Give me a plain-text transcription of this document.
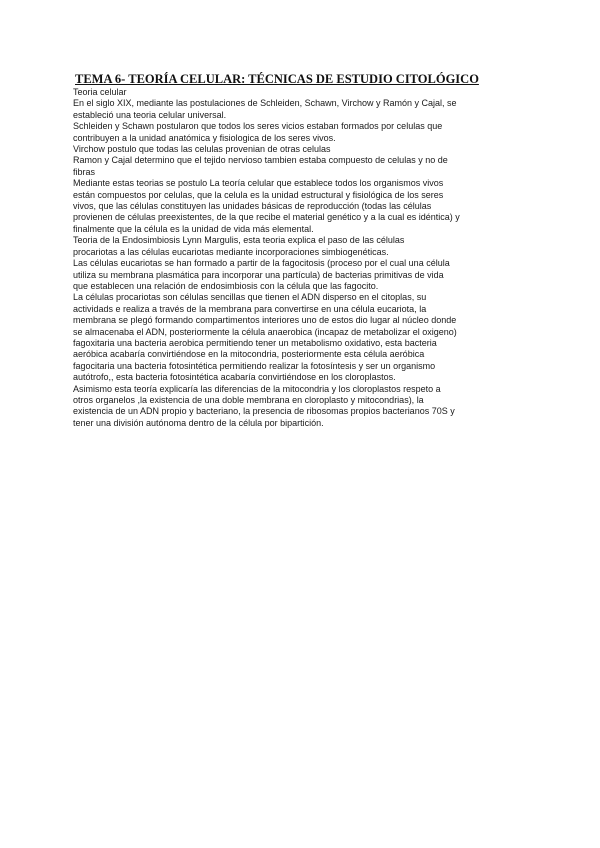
TEMA 6- TEORÍA CELULAR: TÉCNICAS DE ESTUDIO CITOLÓGICO

Teoria celular

En el siglo XIX, mediante las postulaciones de Schleiden, Schawn, Virchow y Ramón y Cajal, se

estableció una teoria celular universal.

Schleiden y Schawn postularon que todos los seres vicios estaban formados por celulas que

contribuyen a la unidad anatómica y fisiologica de los seres vivos.

Virchow postulo que todas las celulas provenian de otras celulas

Ramon y Cajal determino que el tejido nervioso tambien estaba compuesto de celulas y no de

fibras

Mediante estas teorias se postulo La teoría celular que establece todos los organismos vivos

están compuestos por celulas, que la celula es la unidad estructural y fisiológica de los seres

vivos, que las células constituyen las unidades básicas de reproducción (todas las células

provienen de células preexistentes, de la que recibe el material genético y a la cual es idéntica) y

finalmente que la célula es la unidad de vida más elemental.

Teoria de la Endosimbiosis Lynn Margulis, esta teoria explica el paso de las células

procariotas a las células eucariotas mediante incorporaciones simbiogenéticas.

Las células eucariotas se han formado a partir de la fagocitosis (proceso por el cual una célula

utiliza su membrana plasmática para incorporar una partícula) de bacterias primitivas de vida

que establecen una relación de endosimbiosis con la célula que las fagocito.

La células procariotas son células sencillas que tienen el ADN disperso en el citoplas, su

actividads e realiza a través de la membrana para convertirse en una célula eucariota, la

membrana se plegó formando compartimentos interiores uno de estos dio lugar al núcleo donde

se almacenaba el ADN, posteriormente la célula anaerobica (incapaz de metabolizar el oxigeno)

fagoxitaria una bacteria aerobica permitiendo tener un metabolismo oxidativo, esta bacteria

aeróbica acabaría convirtiéndose en la mitocondria, posteriormente esta célula aeróbica

fagocitaria una bacteria fotosintética permitiendo realizar la fotosíntesis y ser un organismo

autótrofo,, esta bacteria fotosintética acabaría convirtiéndose en los cloroplastos.

Asimismo esta teoría explicaría las diferencias de la mitocondria y los cloroplastos respeto a

otros organelos ,la existencia de una doble membrana en cloroplasto y mitocondrias), la

existencia de un ADN propio y bacteriano, la presencia de ribosomas propios bacterianos 70S y

tener una división autónoma dentro de la célula por bipartición.
